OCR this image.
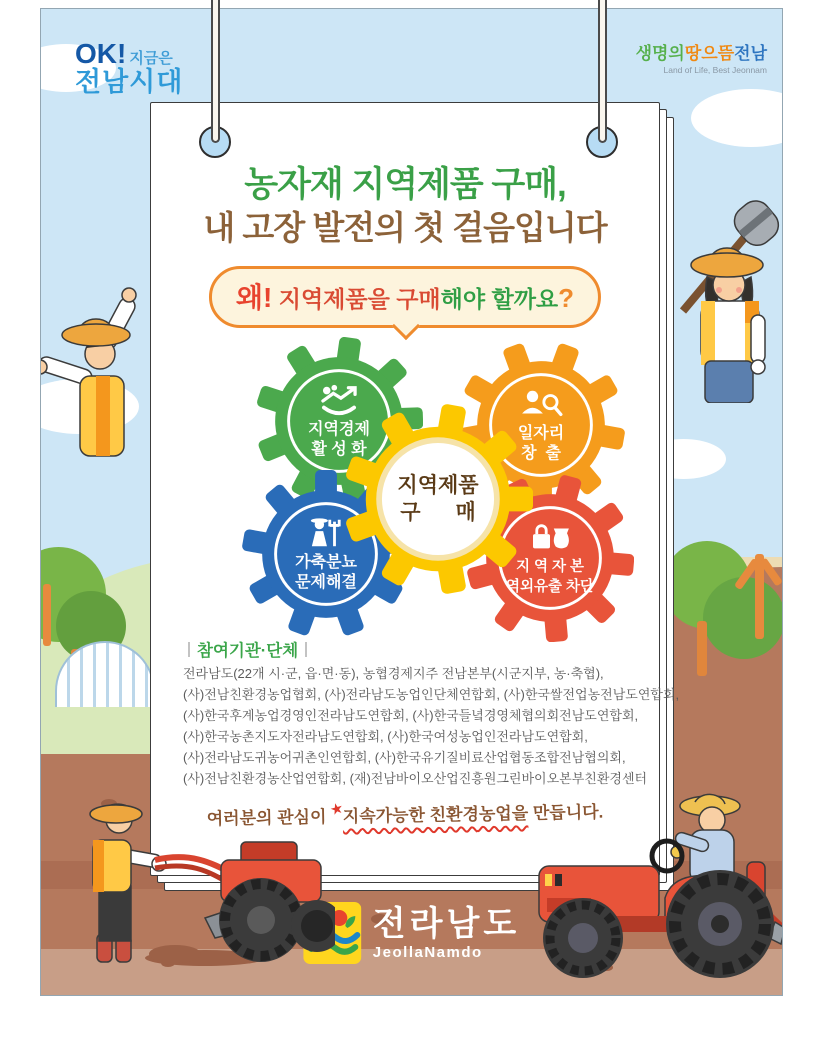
OK! 지금은
전남시대
생명의땅으뜸전남
Land of Life, Best Jeonnam
농자재 지역제품 구매,
내 고장 발전의 첫 걸음입니다
왜! 지역제품을 구매해야 할까요?
지역경제
활 성 화
일자리
창  출
가축분뇨
문제해결
지 역 자 본
역외유출 차단
지역제품
구      매
참여기관·단체
전라남도(22개 시·군, 읍·면·동), 농협경제지주 전남본부(시군지부, 농·축협),
(사)전남친환경농업협회, (사)전라남도농업인단체연합회, (사)한국쌀전업농전남도연합회,
(사)한국후계농업경영인전라남도연합회, (사)한국들녘경영체협의회전남도연합회,
(사)한국농촌지도자전라남도연합회, (사)한국여성농업인전라남도연합회,
(사)전라남도귀농어귀촌인연합회, (사)한국유기질비료산업협동조합전남협의회,
(사)전남친환경농산업연합회, (재)전남바이오산업진흥원그린바이오본부친환경센터
여러분의 관심이 ★지속가능한 친환경농업을 만듭니다.
전라남도
JeollaNamdo
